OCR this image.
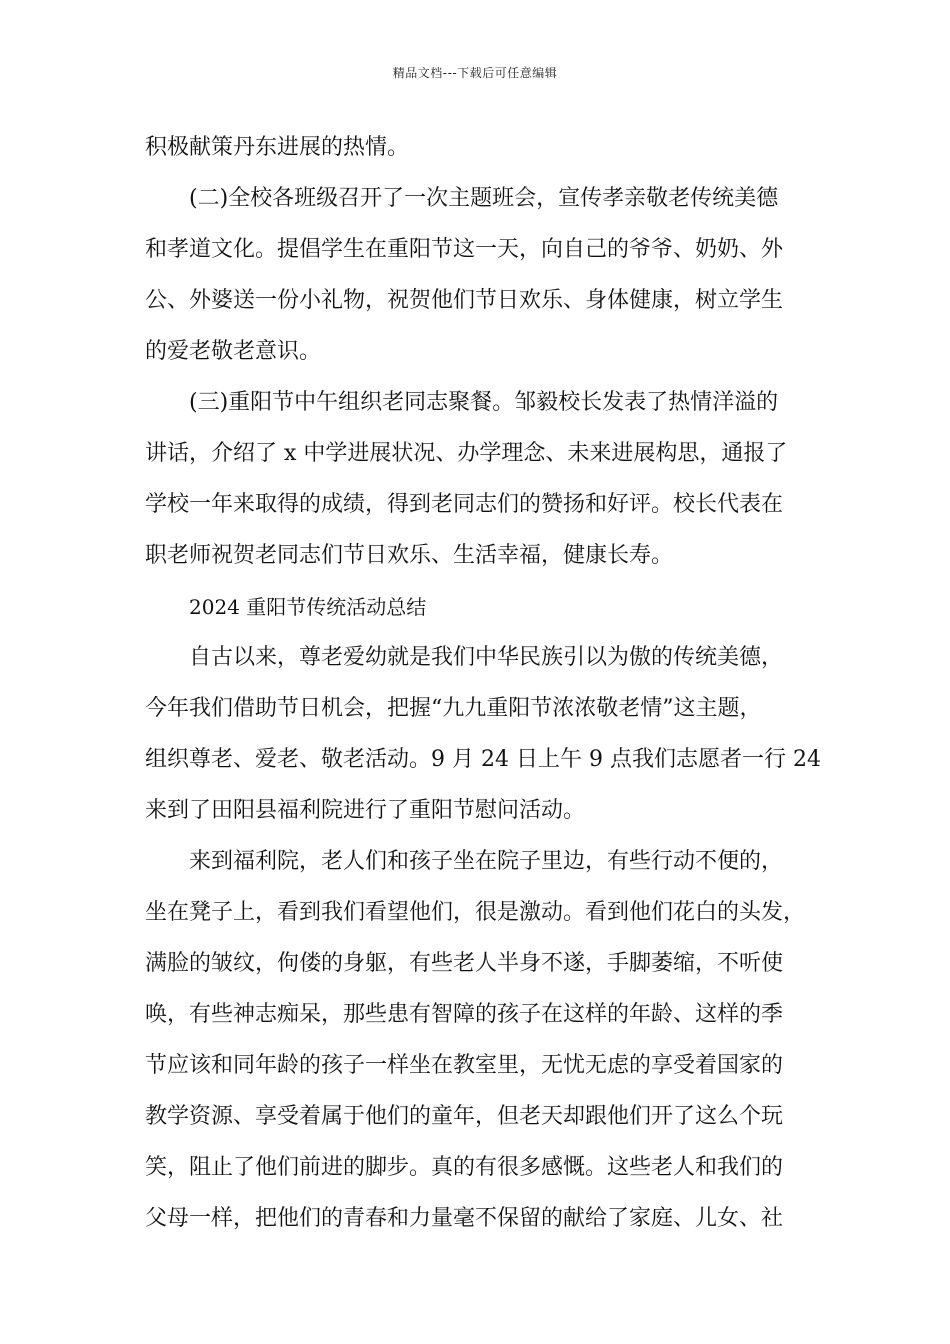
精品文档---下载后可任意编辑
积极献策丹东进展的热情。
(二)全校各班级召开了一次主题班会，宣传孝亲敬老传统美德
和孝道文化。提倡学生在重阳节这一天，向自己的爷爷、奶奶、外
公、外婆送一份小礼物，祝贺他们节日欢乐、身体健康，树立学生
的爱老敬老意识。
(三)重阳节中午组织老同志聚餐。邹毅校长发表了热情洋溢的
讲话，介绍了 x 中学进展状况、办学理念、未来进展构思，通报了
学校一年来取得的成绩，得到老同志们的赞扬和好评。校长代表在
职老师祝贺老同志们节日欢乐、生活幸福，健康长寿。
2024 重阳节传统活动总结
自古以来，尊老爱幼就是我们中华民族引以为傲的传统美德，
今年我们借助节日机会，把握“九九重阳节浓浓敬老情”这主题，
组织尊老、爱老、敬老活动。9 月 24 日上午 9 点我们志愿者一行 24
来到了田阳县福利院进行了重阳节慰问活动。
来到福利院，老人们和孩子坐在院子里边，有些行动不便的，
坐在凳子上，看到我们看望他们，很是激动。看到他们花白的头发，
满脸的皱纹，佝偻的身躯，有些老人半身不遂，手脚萎缩，不听使
唤，有些神志痴呆，那些患有智障的孩子在这样的年龄、这样的季
节应该和同年龄的孩子一样坐在教室里，无忧无虑的享受着国家的
教学资源、享受着属于他们的童年，但老天却跟他们开了这么个玩
笑，阻止了他们前进的脚步。真的有很多感慨。这些老人和我们的
父母一样，把他们的青春和力量毫不保留的献给了家庭、儿女、社
